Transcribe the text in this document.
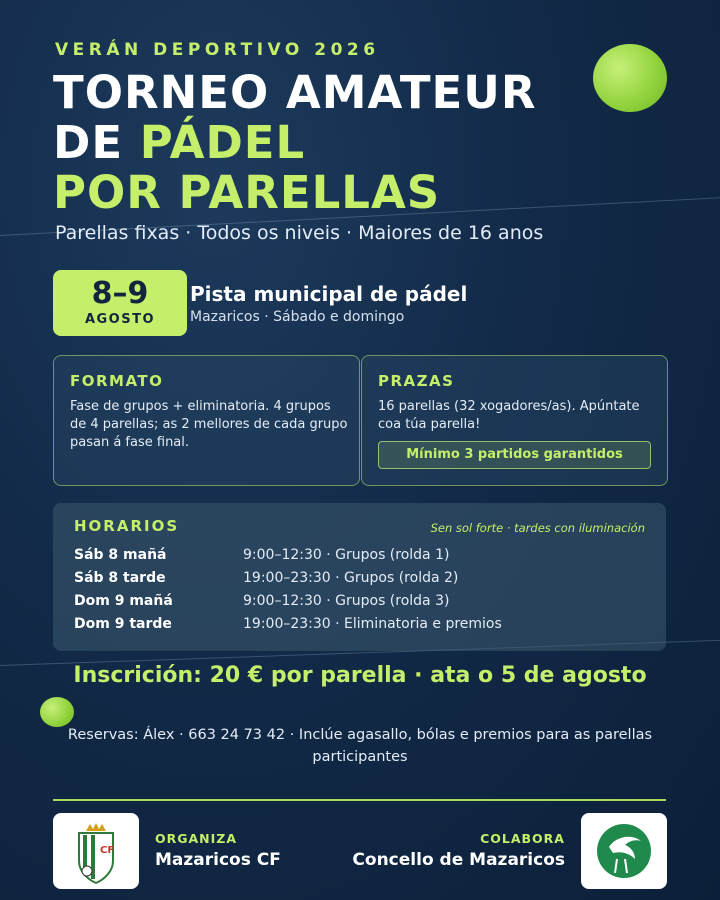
VERÁN DEPORTIVO 2026
TORNEO AMATEUR
DE PÁDEL
POR PARELLAS
Parellas fixas · Todos os niveis · Maiores de 16 anos
8–9
AGOSTO
Pista municipal de pádel
Mazaricos · Sábado e domingo
FORMATO
Fase de grupos + eliminatoria. 4 grupos de 4 parellas; as 2 mellores de cada grupo pasan á fase final.
PRAZAS
16 parellas (32 xogadores/as). Apúntate coa túa parella!
Mínimo 3 partidos garantidos
HORARIOS	Sen sol forte · tardes con iluminación
Sáb 8 mañá	9:00–12:30 · Grupos (rolda 1)
Sáb 8 tarde	19:00–23:30 · Grupos (rolda 2)
Dom 9 mañá	9:00–12:30 · Grupos (rolda 3)
Dom 9 tarde	19:00–23:30 · Eliminatoria e premios
Inscrición: 20 € por parella · ata o 5 de agosto
Reservas: Álex · 663 24 73 42 · Inclúe agasallo, bólas e premios para as parellas participantes
CF
ORGANIZA
Mazaricos CF
COLABORA
Concello de Mazaricos
